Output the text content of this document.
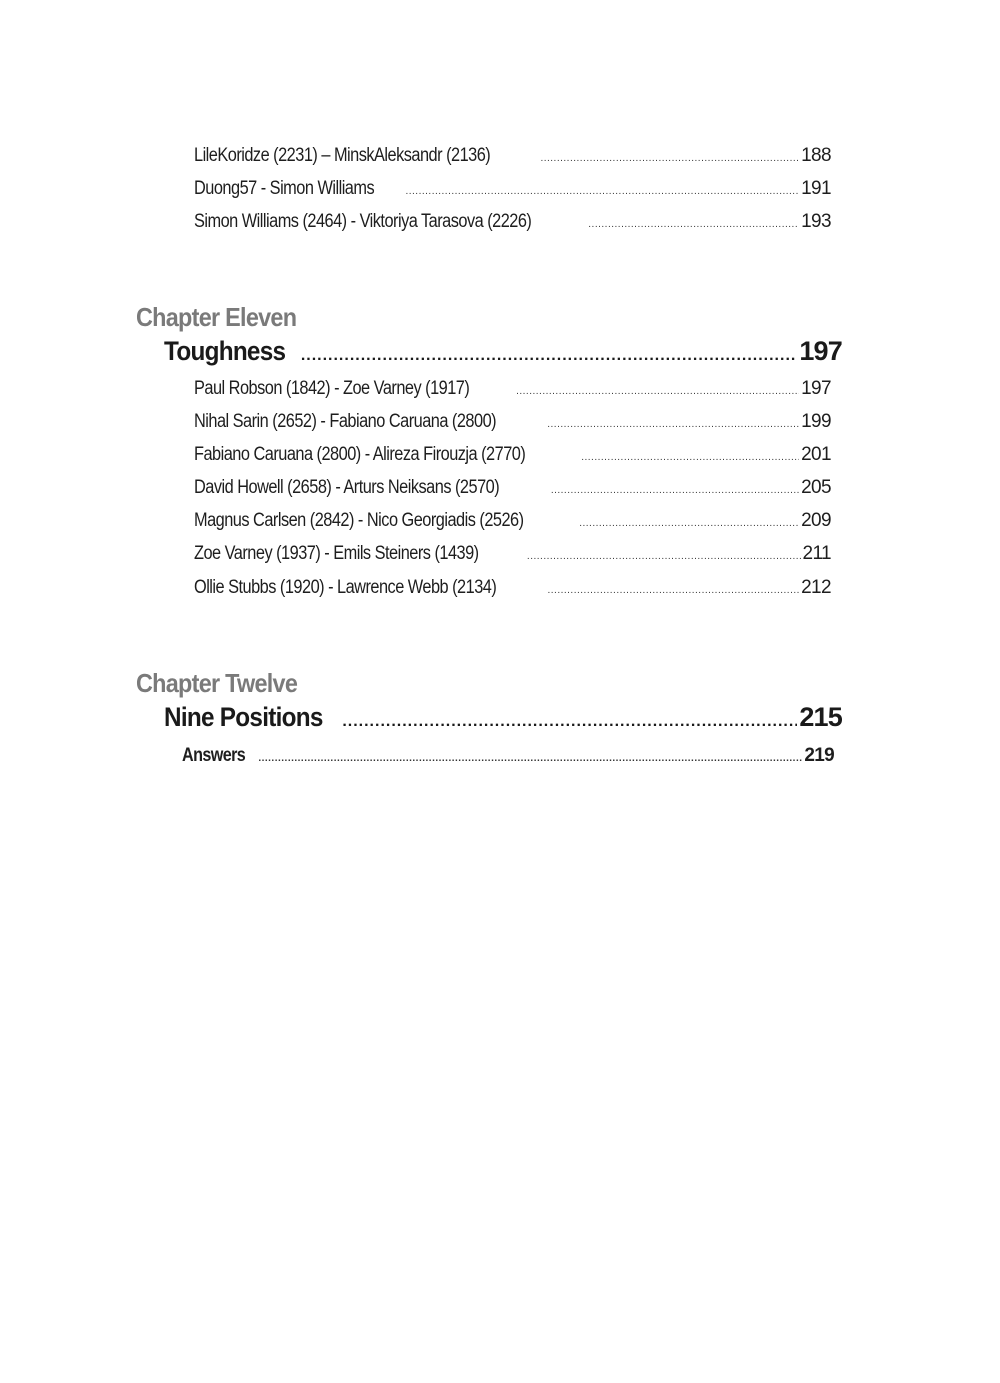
LileKoridze (2231) – MinskAleksandr (2136) .....	188
Duong57 - Simon Williams .....	191
Simon Williams (2464) - Viktoriya Tarasova (2226) .....	193
Chapter Eleven
Toughness .....	197
Paul Robson (1842) - Zoe Varney (1917) .....	197
Nihal Sarin (2652) - Fabiano Caruana (2800) .....	199
Fabiano Caruana (2800) - Alireza Firouzja (2770) .....	201
David Howell (2658) - Arturs Neiksans (2570) .....	205
Magnus Carlsen (2842) - Nico Georgiadis (2526) .....	209
Zoe Varney (1937) - Emils Steiners (1439) .....	211
Ollie Stubbs (1920) - Lawrence Webb (2134) .....	212
Chapter Twelve
Nine Positions .....	215
Answers .....	219
